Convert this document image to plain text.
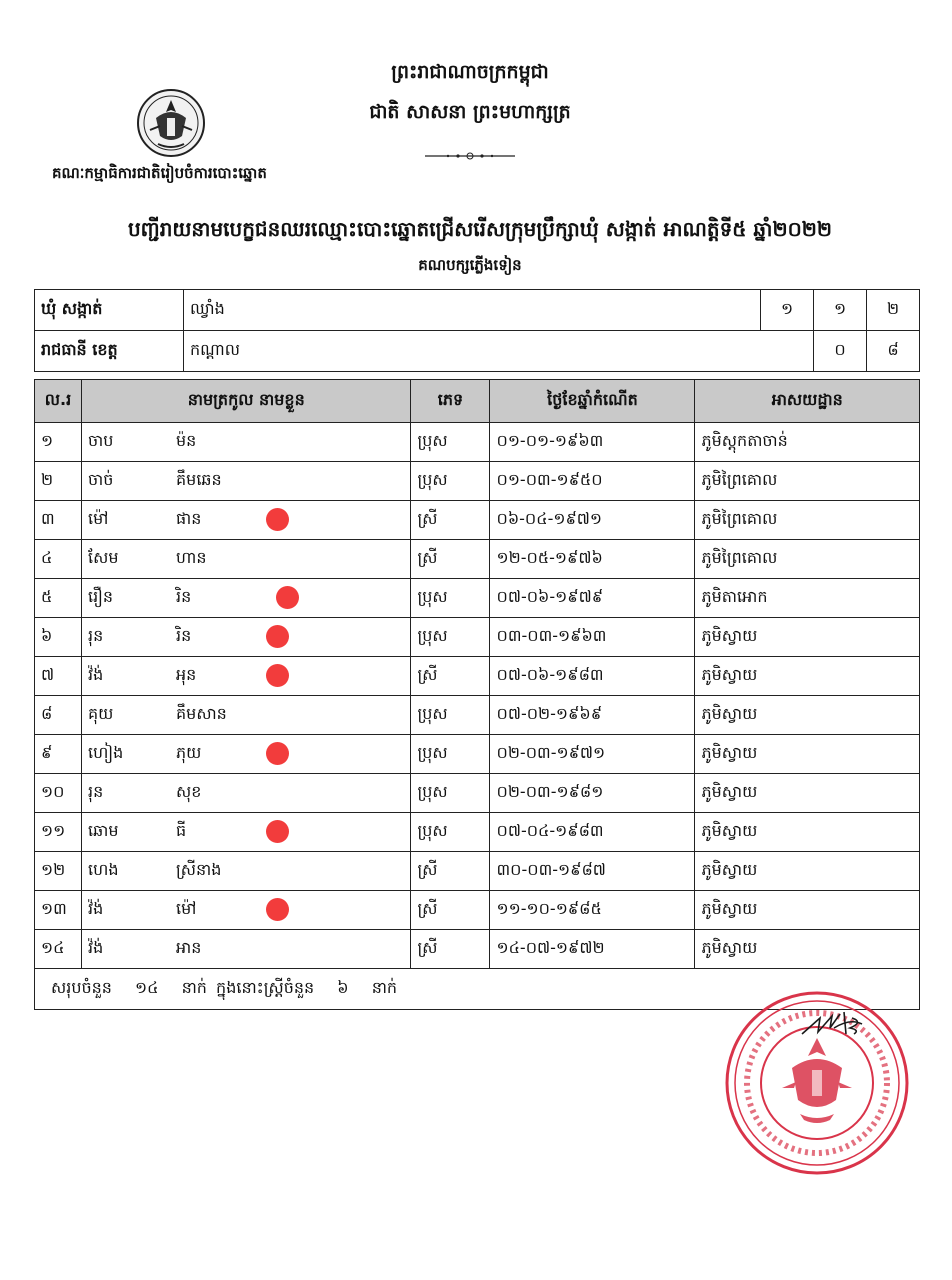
ព្រះរាជាណាចក្រកម្ពុជា
ជាតិ សាសនា ព្រះមហាក្សត្រ
គណៈកម្មាធិការជាតិរៀបចំការបោះឆ្នោត
បញ្ជីរាយនាមបេក្ខជនឈរឈ្មោះបោះឆ្នោតជ្រើសរើសក្រុមប្រឹក្សាឃុំ សង្កាត់ អាណត្តិទី៥ ឆ្នាំ២០២២
គណបក្សភ្លើងទៀន
ឃុំ សង្កាត់	ឈ្វាំង	១	១	២
រាជធានី ខេត្ត	កណ្ដាល		០	៨
ល.រ	នាមត្រកូល នាមខ្លួន	ភេទ	ថ្ងៃខែឆ្នាំកំណើត	អាសយដ្ឋាន
១	ចាប ម៉ន	ប្រុស	០១-០១-១៩៦៣	ភូមិស្ដុកតាចាន់
២	ចាច់ គឹមឆេន	ប្រុស	០១-០៣-១៩៥០	ភូមិព្រៃគោល
៣	ម៉ៅ ផាន	ស្រី	០៦-០៤-១៩៧១	ភូមិព្រៃគោល
៤	សែម ហាន	ស្រី	១២-០៥-១៩៧៦	ភូមិព្រៃគោល
៥	រឿន រិន	ប្រុស	០៧-០៦-១៩៧៩	ភូមិតាអោក
៦	រុន រិន	ប្រុស	០៣-០៣-១៩៦៣	ភូមិស្វាយ
៧	វ៉ង់ អុន	ស្រី	០៧-០៦-១៩៨៣	ភូមិស្វាយ
៨	គុយ គឹមសាន	ប្រុស	០៧-០២-១៩៦៩	ភូមិស្វាយ
៩	ហៀង ភុយ	ប្រុស	០២-០៣-១៩៧១	ភូមិស្វាយ
១០	រុន សុខ	ប្រុស	០២-០៣-១៩៨១	ភូមិស្វាយ
១១	ឆោម ធី	ប្រុស	០៧-០៤-១៩៨៣	ភូមិស្វាយ
១២	ហេង ស្រីនាង	ស្រី	៣០-០៣-១៩៨៧	ភូមិស្វាយ
១៣	វ៉ង់ ម៉ៅ	ស្រី	១១-១០-១៩៨៥	ភូមិស្វាយ
១៤	វ៉ង់ អាន	ស្រី	១៤-០៧-១៩៧២	ភូមិស្វាយ
សរុបចំនួន ១៤ នាក់ ក្នុងនោះស្ត្រីចំនួន ៦ នាក់				
